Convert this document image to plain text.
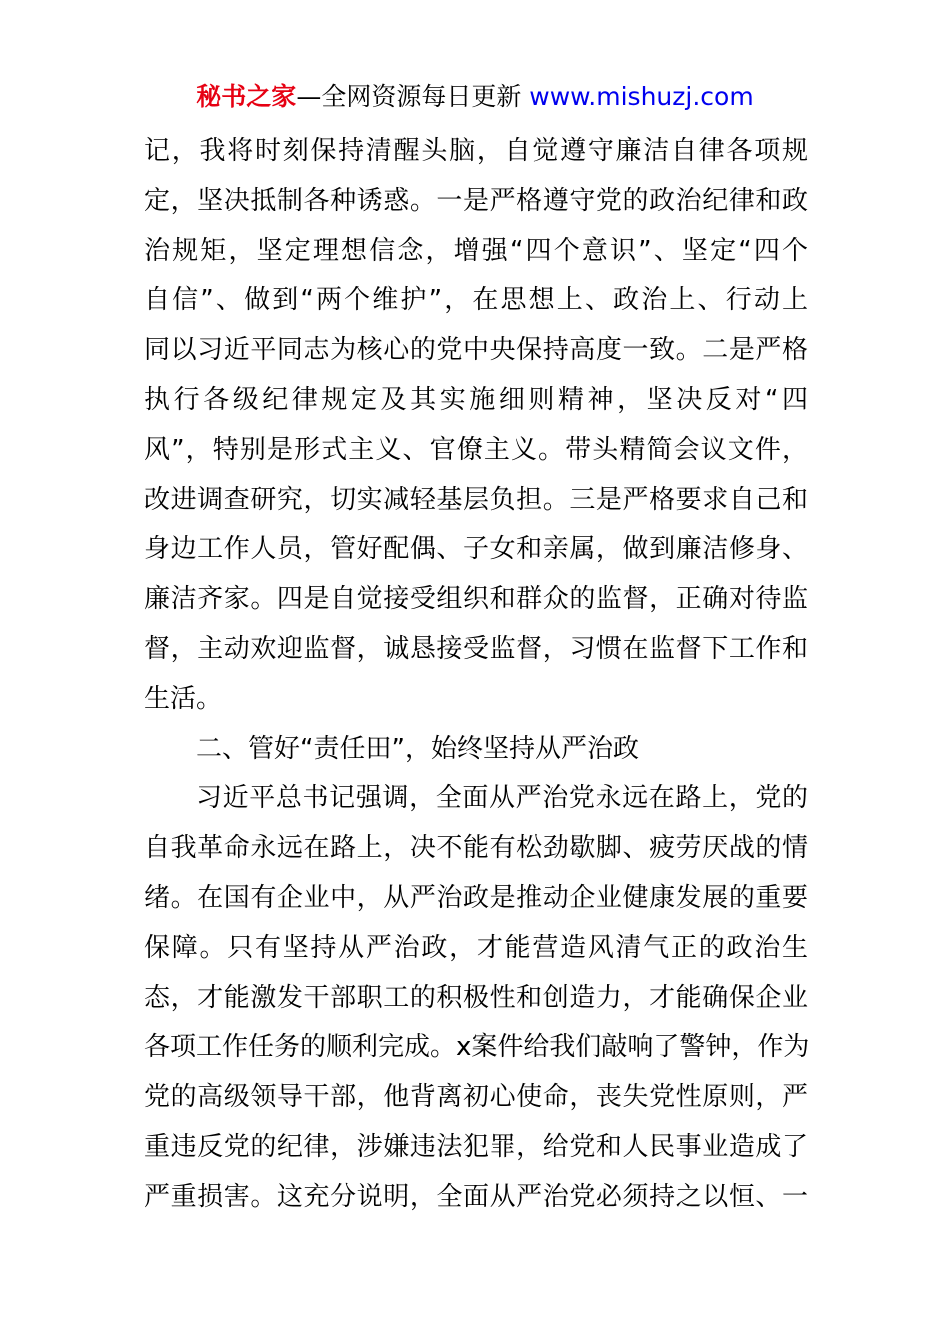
秘书之家—全网资源每日更新 www.mishuzj.com
记，我将时刻保持清醒头脑，自觉遵守廉洁自律各项规
定，坚决抵制各种诱惑。一是严格遵守党的政治纪律和政
治规矩，坚定理想信念，增强“四个意识”、坚定“四个
自信”、做到“两个维护”，在思想上、政治上、行动上
同以习近平同志为核心的党中央保持高度一致。二是严格
执行各级纪律规定及其实施细则精神，坚决反对“四
风”，特别是形式主义、官僚主义。带头精简会议文件，
改进调查研究，切实减轻基层负担。三是严格要求自己和
身边工作人员，管好配偶、子女和亲属，做到廉洁修身、
廉洁齐家。四是自觉接受组织和群众的监督，正确对待监
督，主动欢迎监督，诚恳接受监督，习惯在监督下工作和
生活。
二、管好“责任田”，始终坚持从严治政
习近平总书记强调，全面从严治党永远在路上，党的
自我革命永远在路上，决不能有松劲歇脚、疲劳厌战的情
绪。在国有企业中，从严治政是推动企业健康发展的重要
保障。只有坚持从严治政，才能营造风清气正的政治生
态，才能激发干部职工的积极性和创造力，才能确保企业
各项工作任务的顺利完成。x案件给我们敲响了警钟，作为
党的高级领导干部，他背离初心使命，丧失党性原则，严
重违反党的纪律，涉嫌违法犯罪，给党和人民事业造成了
严重损害。这充分说明，全面从严治党必须持之以恒、一
